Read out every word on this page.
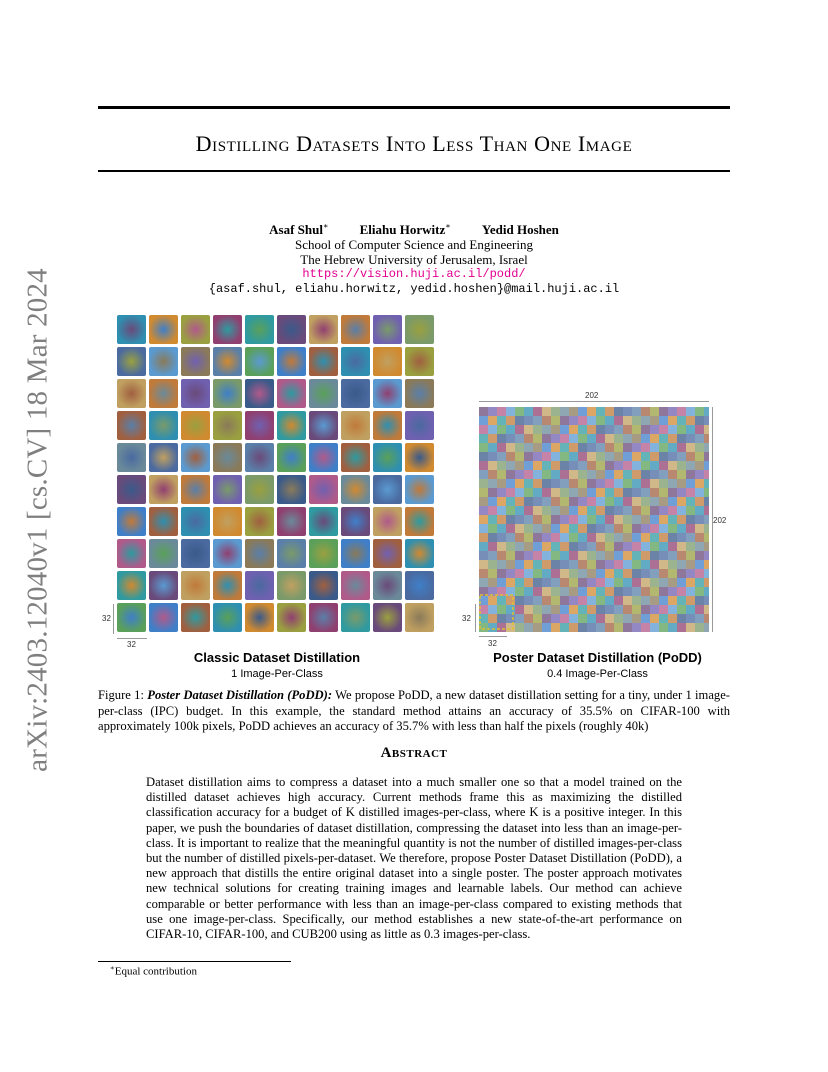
arXiv:2403.12040v1 [cs.CV] 18 Mar 2024
Distilling Datasets Into Less Than One Image
Asaf Shul∗ Eliahu Horwitz∗ Yedid Hoshen
School of Computer Science and Engineering
The Hebrew University of Jerusalem, Israel
https://vision.huji.ac.il/podd/
{asaf.shul, eliahu.horwitz, yedid.hoshen}@mail.huji.ac.il
32
32
Classic Dataset Distillation
1 Image-Per-Class
202
202
32
32
Poster Dataset Distillation (PoDD)
0.4 Image-Per-Class
Figure 1: Poster Dataset Distillation (PoDD): We propose PoDD, a new dataset distillation setting for a tiny, under 1 image-per-class (IPC) budget. In this example, the standard method attains an accuracy of 35.5% on CIFAR-100 with approximately 100k pixels, PoDD achieves an accuracy of 35.7% with less than half the pixels (roughly 40k)
Abstract
Dataset distillation aims to compress a dataset into a much smaller one so that a model trained on the distilled dataset achieves high accuracy. Current methods frame this as maximizing the distilled classification accuracy for a budget of K distilled images-per-class, where K is a positive integer. In this paper, we push the boundaries of dataset distillation, compressing the dataset into less than an image-per-class. It is important to realize that the meaningful quantity is not the number of distilled images-per-class but the number of distilled pixels-per-dataset. We therefore, propose Poster Dataset Distillation (PoDD), a new approach that distills the entire original dataset into a single poster. The poster approach motivates new technical solutions for creating training images and learnable labels. Our method can achieve comparable or better performance with less than an image-per-class compared to existing methods that use one image-per-class. Specifically, our method establishes a new state-of-the-art performance on CIFAR-10, CIFAR-100, and CUB200 using as little as 0.3 images-per-class.
∗Equal contribution
